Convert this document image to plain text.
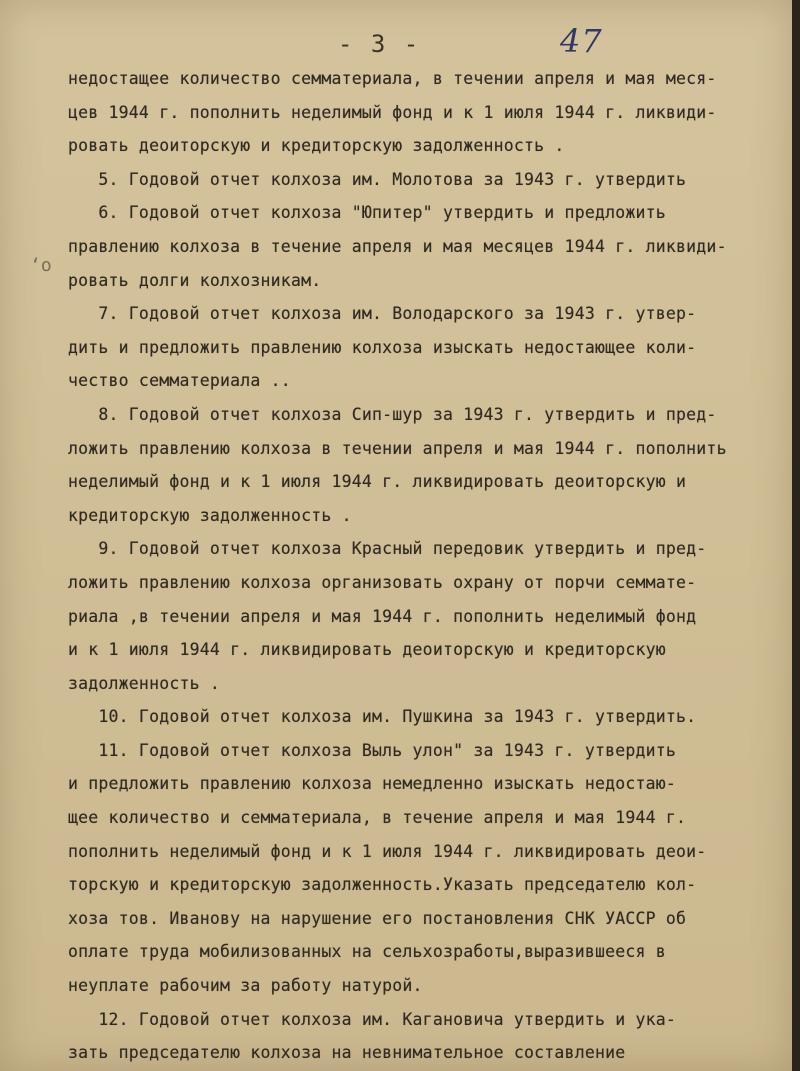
- 3 -	47
ʻo
недостащее количество семматериала, в течении апреля и мая меся-
цев 1944 г. пополнить неделимый фонд и к 1 июля 1944 г. ликвиди-
ровать деоиторскую и кредиторскую задолженность .
5. Годовой отчет колхоза им. Молотова за 1943 г. утвердить
6. Годовой отчет колхоза "Юпитер" утвердить и предложить
правлению колхоза в течение апреля и мая месяцев 1944 г. ликвиди-
ровать долги колхозникам.
7. Годовой отчет колхоза им. Володарского за 1943 г. утвер-
дить и предложить правлению колхоза изыскать недостающее коли-
чество семматериала ..
8. Годовой отчет колхоза Сип-шур за 1943 г. утвердить и пред-
ложить правлению колхоза в течении апреля и мая 1944 г. пополнить
неделимый фонд и к 1 июля 1944 г. ликвидировать деоиторскую и
кредиторскую задолженность .
9. Годовой отчет колхоза Красный передовик утвердить и пред-
ложить правлению колхоза организовать охрану от порчи семмате-
риала ,в течении апреля и мая 1944 г. пополнить неделимый фонд
и к 1 июля 1944 г. ликвидировать деоиторскую и кредиторскую
задолженность .
10. Годовой отчет колхоза им. Пушкина за 1943 г. утвердить.
11. Годовой отчет колхоза Выль улон" за 1943 г. утвердить
и предложить правлению колхоза немедленно изыскать недостаю-
щее количество и семматериала, в течение апреля и мая 1944 г.
пополнить неделимый фонд и к 1 июля 1944 г. ликвидировать деои-
торскую и кредиторскую задолженность.Указать председателю кол-
хоза тов. Иванову на нарушение его постановления СНК УАССР об
оплате труда мобилизованных на сельхозработы,выразившееся в
неуплате рабочим за работу натурой.
12. Годовой отчет колхоза им. Кагановича утвердить и ука-
зать председателю колхоза на невнимательное составление
